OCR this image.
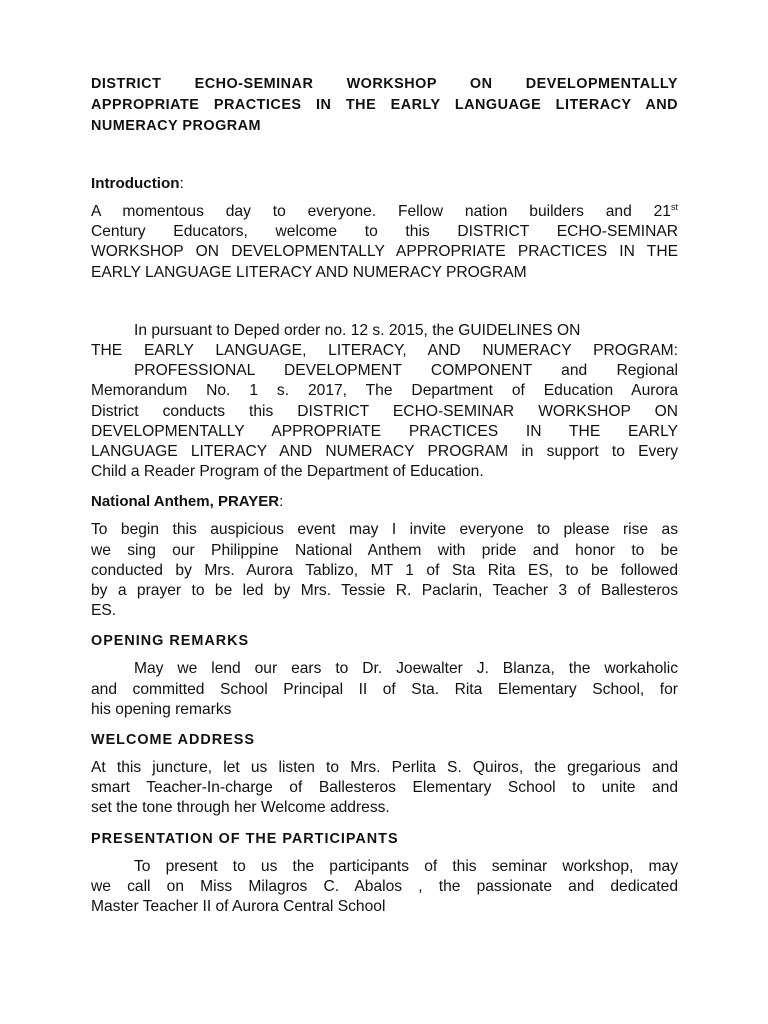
DISTRICT ECHO-SEMINAR WORKSHOP ON DEVELOPMENTALLY
APPROPRIATE PRACTICES IN THE EARLY LANGUAGE LITERACY AND
NUMERACY PROGRAM

Introduction:

A momentous day to everyone. Fellow nation builders and 21st
Century Educators, welcome to this DISTRICT ECHO-SEMINAR
WORKSHOP ON DEVELOPMENTALLY APPROPRIATE PRACTICES IN THE
EARLY LANGUAGE LITERACY AND NUMERACY PROGRAM
In pursuant to Deped order no. 12 s. 2015, the GUIDELINES ON
THE EARLY LANGUAGE, LITERACY, AND NUMERACY PROGRAM:
PROFESSIONAL DEVELOPMENT COMPONENT and Regional
Memorandum No. 1 s. 2017, The Department of Education Aurora
District conducts this DISTRICT ECHO-SEMINAR WORKSHOP ON
DEVELOPMENTALLY APPROPRIATE PRACTICES IN THE EARLY
LANGUAGE LITERACY AND NUMERACY PROGRAM in support to Every
Child a Reader Program of the Department of Education.

National Anthem, PRAYER:

To begin this auspicious event may I invite everyone to please rise as
we sing our Philippine National Anthem with pride and honor to be
conducted by Mrs. Aurora Tablizo, MT 1 of Sta Rita ES, to be followed
by a prayer to be led by Mrs. Tessie R. Paclarin, Teacher 3 of Ballesteros
ES.

OPENING REMARKS

May we lend our ears to Dr. Joewalter J. Blanza, the workaholic
and committed School Principal II of Sta. Rita Elementary School, for
his opening remarks

WELCOME ADDRESS

At this juncture, let us listen to Mrs. Perlita S. Quiros, the gregarious and
smart Teacher-In-charge of Ballesteros Elementary School to unite and
set the tone through her Welcome address.

PRESENTATION OF THE PARTICIPANTS

To present to us the participants of this seminar workshop, may
we call on Miss Milagros C. Abalos , the passionate and dedicated
Master Teacher II of Aurora Central School
